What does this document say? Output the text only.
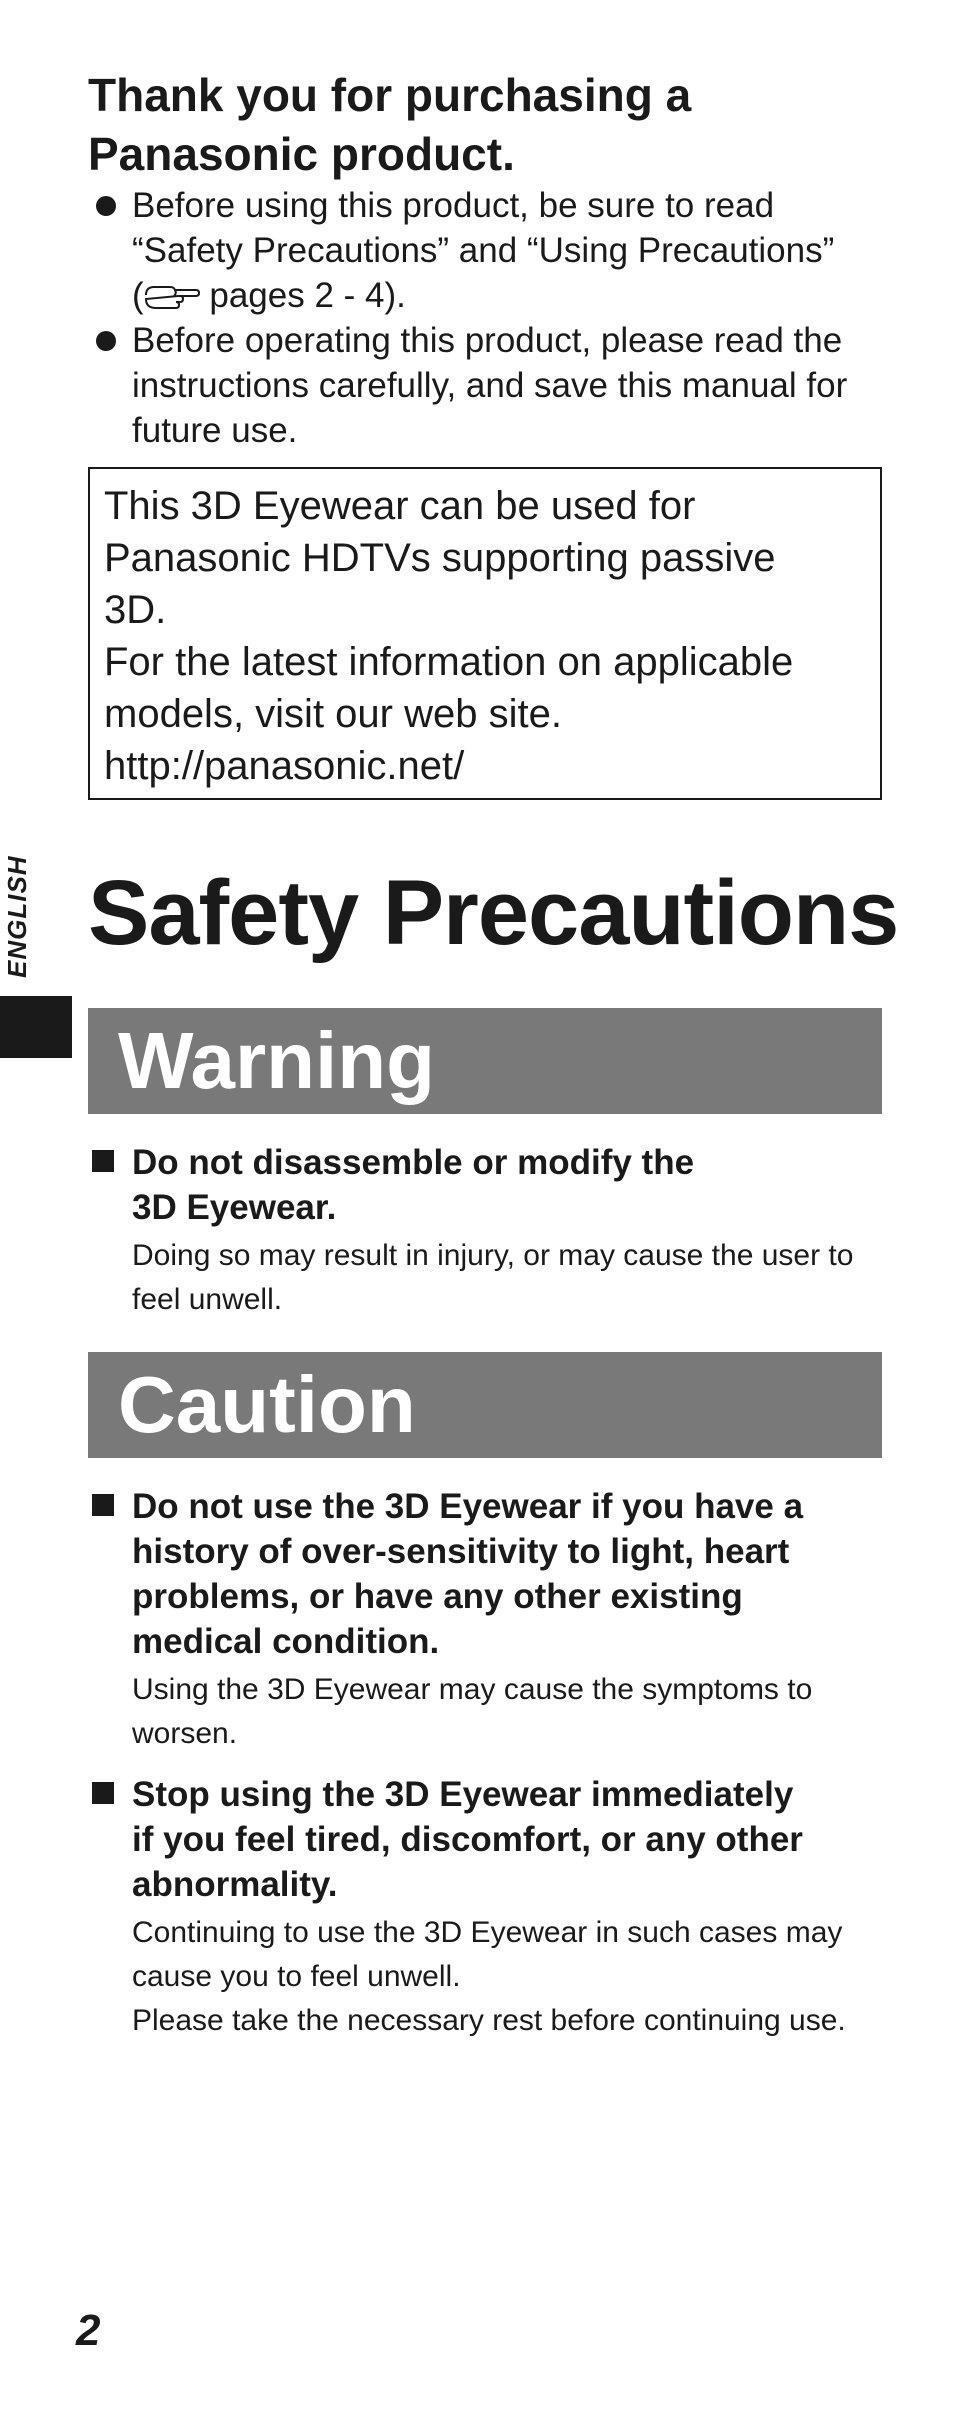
Thank you for purchasing a
Panasonic product.
Before using this product, be sure to read
“Safety Precautions” and “Using Precautions”
( pages 2 - 4).
Before operating this product, please read the
instructions carefully, and save this manual for
future use.

This 3D Eyewear can be used for

Panasonic HDTVs supporting passive

3D.

For the latest information on applicable

models, visit our web site.

http://panasonic.net/

ENGLISH Safety Precautions
Warning
Do not disassemble or modify the
3D Eyewear.

Doing so may result in injury, or may cause the user to
feel unwell.

Caution
Do not use the 3D Eyewear if you have a
history of over-sensitivity to light, heart
problems, or have any other existing
medical condition.

Using the 3D Eyewear may cause the symptoms to
worsen.

Stop using the 3D Eyewear immediately
if you feel tired, discomfort, or any other
abnormality.

Continuing to use the 3D Eyewear in such cases may
cause you to feel unwell.
Please take the necessary rest before continuing use.

2
